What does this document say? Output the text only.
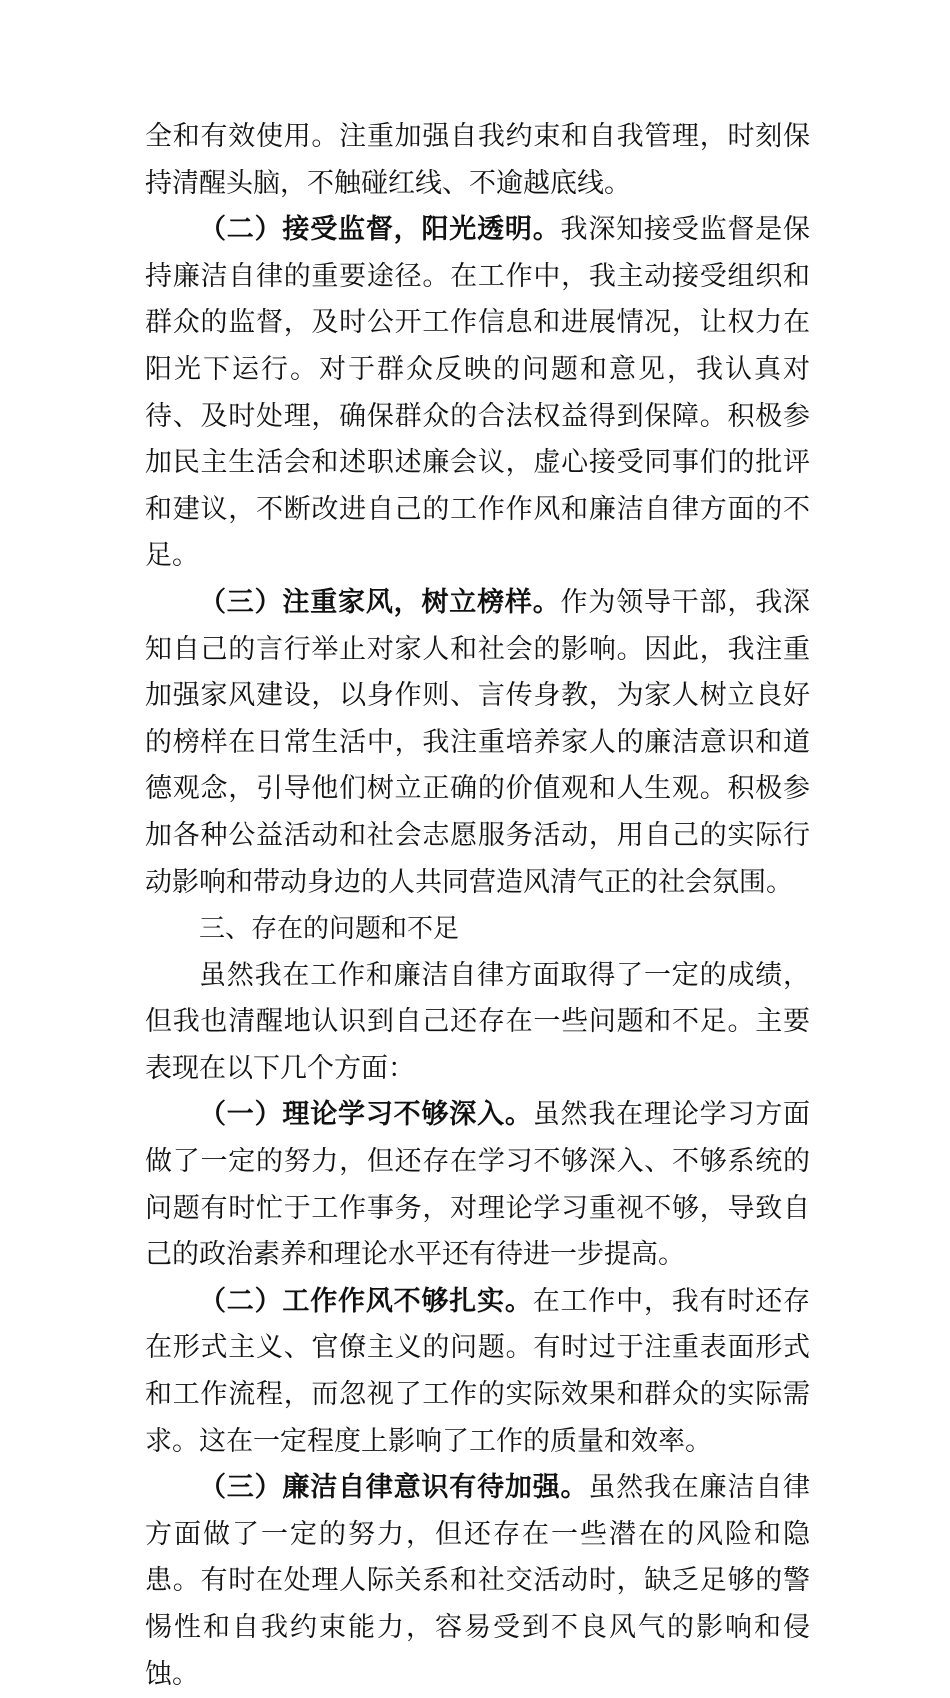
全和有效使用。注重加强自我约束和自我管理，时刻保持清醒头脑，不触碰红线、不逾越底线。

（二）接受监督，阳光透明。我深知接受监督是保持廉洁自律的重要途径。在工作中，我主动接受组织和群众的监督，及时公开工作信息和进展情况，让权力在阳光下运行。对于群众反映的问题和意见，我认真对待、及时处理，确保群众的合法权益得到保障。积极参加民主生活会和述职述廉会议，虚心接受同事们的批评和建议，不断改进自己的工作作风和廉洁自律方面的不足。

（三）注重家风，树立榜样。作为领导干部，我深知自己的言行举止对家人和社会的影响。因此，我注重加强家风建设，以身作则、言传身教，为家人树立良好的榜样在日常生活中，我注重培养家人的廉洁意识和道德观念，引导他们树立正确的价值观和人生观。积极参加各种公益活动和社会志愿服务活动，用自己的实际行动影响和带动身边的人共同营造风清气正的社会氛围。

三、存在的问题和不足

虽然我在工作和廉洁自律方面取得了一定的成绩，但我也清醒地认识到自己还存在一些问题和不足。主要表现在以下几个方面：

（一）理论学习不够深入。虽然我在理论学习方面做了一定的努力，但还存在学习不够深入、不够系统的问题有时忙于工作事务，对理论学习重视不够，导致自己的政治素养和理论水平还有待进一步提高。

（二）工作作风不够扎实。在工作中，我有时还存在形式主义、官僚主义的问题。有时过于注重表面形式和工作流程，而忽视了工作的实际效果和群众的实际需求。这在一定程度上影响了工作的质量和效率。

（三）廉洁自律意识有待加强。虽然我在廉洁自律方面做了一定的努力，但还存在一些潜在的风险和隐患。有时在处理人际关系和社交活动时，缺乏足够的警惕性和自我约束能力，容易受到不良风气的影响和侵蚀。
